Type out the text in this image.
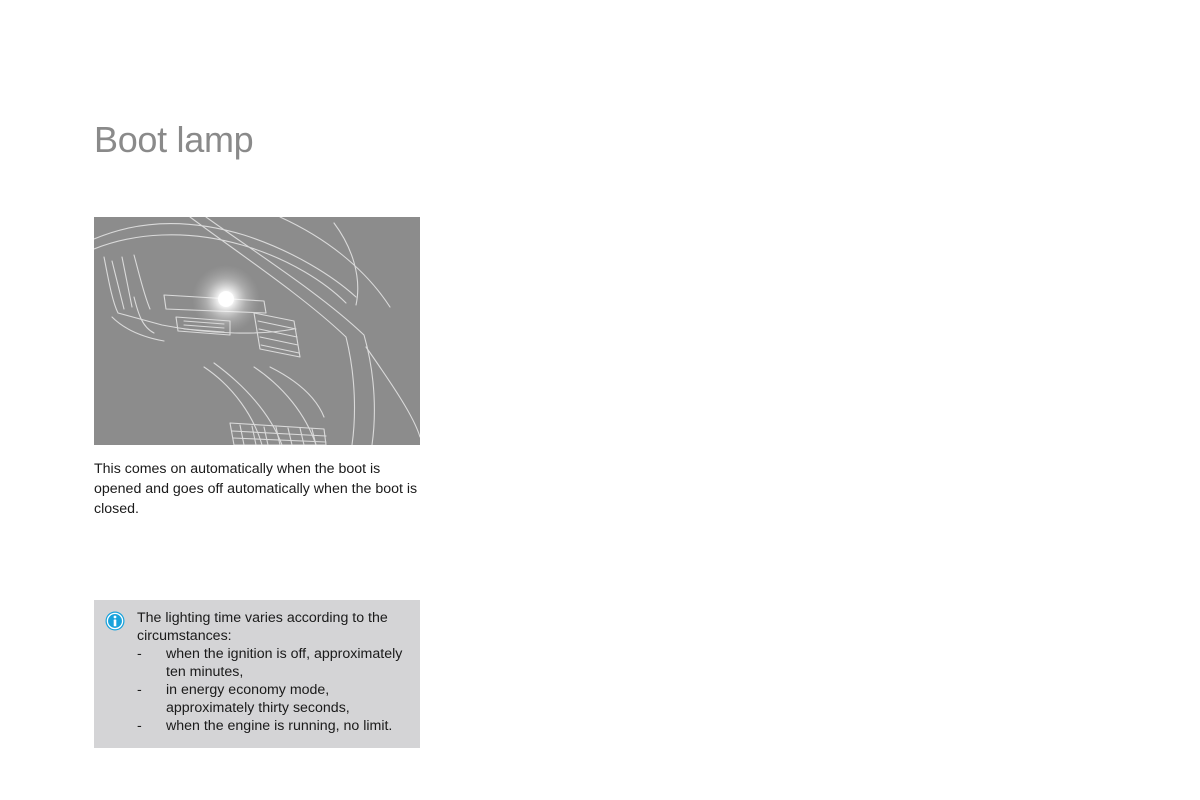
Boot lamp

This comes on automatically when the boot is opened and goes off automatically when the boot is closed.

The lighting time varies according to the circumstances:

- when the ignition is off, approximately ten minutes,
- in energy economy mode, approximately thirty seconds,
- when the engine is running, no limit.
